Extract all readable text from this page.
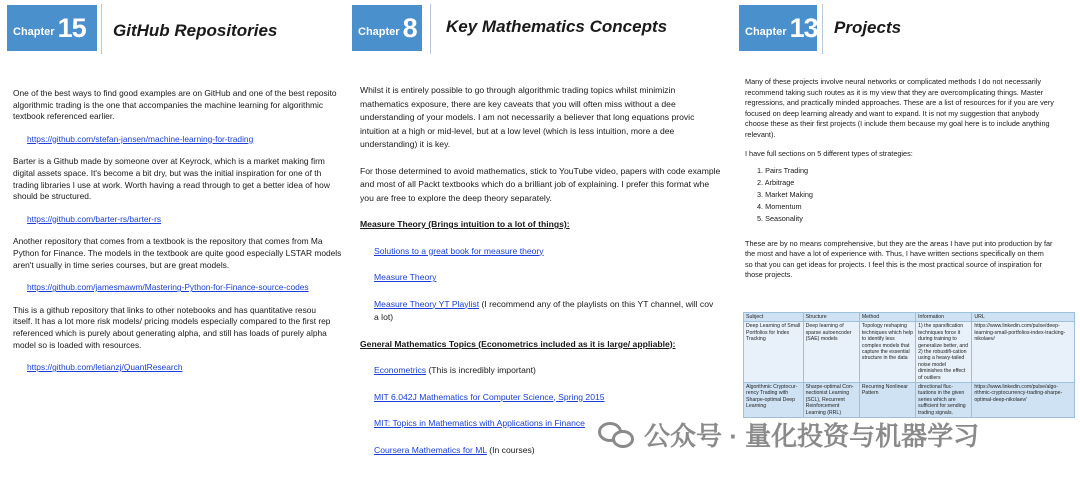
Chapter 15 GitHub Repositories

One of the best ways to find good examples are on GitHub and one of the best reposito

algorithmic trading is the one that accompanies the machine learning for algorithmic

textbook referenced earlier.

https://github.com/stefan-jansen/machine-learning-for-trading

Barter is a Github made by someone over at Keyrock, which is a market making firm

digital assets space. It's become a bit dry, but was the initial inspiration for one of th

trading libraries I use at work. Worth having a read through to get a better idea of how

should be structured.

https://github.com/barter-rs/barter-rs

Another repository that comes from a textbook is the repository that comes from Ma

Python for Finance. The models in the textbook are quite good especially LSTAR models

aren't usually in time series courses, but are great models.

https://github.com/jamesmawm/Mastering-Python-for-Finance-source-codes

This is a github repository that links to other notebooks and has quantitative resou

itself. It has a lot more risk models/ pricing models especially compared to the first rep

referenced which is purely about generating alpha, and still has loads of purely alpha

model so is loaded with resources.

https://github.com/letianzj/QuantResearch

Chapter 8 Key Mathematics Concepts

Whilst it is entirely possible to go through algorithmic trading topics whilst minimizin

mathematics exposure, there are key caveats that you will often miss without a dee

understanding of your models. I am not necessarily a believer that long equations provic

intuition at a high or mid-level, but at a low level (which is less intuition, more a dee

understanding) it is key.

For those determined to avoid mathematics, stick to YouTube video, papers with code example

and most of all Packt textbooks which do a brilliant job of explaining. I prefer this format whe

you are free to explore the deep theory separately.

Measure Theory (Brings intuition to a lot of things):

Solutions to a great book for measure theory

Measure Theory

Measure Theory YT Playlist (I recommend any of the playlists on this YT channel, will cov

a lot)

General Mathematics Topics (Econometrics included as it is large/ appliable):

Econometrics (This is incredibly important)

MIT 6.042J Mathematics for Computer Science, Spring 2015

MIT: Topics in Mathematics with Applications in Finance

Coursera Mathematics for ML (In courses)

Chapter 13 Projects

Many of these projects involve neural networks or complicated methods I do not necessarily

recommend taking such routes as it is my view that they are overcomplicating things. Master

regressions, and practically minded approaches. These are a list of resources for if you are very

focused on deep learning already and want to expand. It is not my suggestion that anybody

choose these as their first projects (I include them because my goal here is to include anything

relevant).

I have full sections on 5 different types of strategies:

1. Pairs Trading
2. Arbitrage
3. Market Making
4. Momentum
5. Seasonality

These are by no means comprehensive, but they are the areas I have put into production by far

the most and have a lot of experience with. Thus, I have written sections specifically on them

so that you can get ideas for projects. I feel this is the most practical source of inspiration for

those projects.

Subject	Structure	Method	Information	URL
Deep Learning of Small Portfolios for Index Tracking	Deep learning of sparse autoencoder (SAE) models	Topology reshaping techniques which help to identify less complex models that capture the essential structure in the data	1) the sparsification techniques force it during training to generalize better, and 2) the robustifi-cation using a heavy-tailed noise model diminishes the effect of outliers	https://www.linkedin.com/pulse/deep-learning-small-portfolios-index-tracking-nikolaev/
Algorithmic Cryptocur-rency Trading with Sharpe-optimal Deep Learning	Sharpe-optimal Con-nectionist Learning (SCL), Recurrent Reinforcement Learning (RRL)	Recurring Nonlinear Pattern	directional fluc-tuations in the given series which are sufficient for sending trading signals.	https://www.linkedin.com/pulse/algo-rithmic-cryptocurrency-trading-sharpe-optimal-deep-nikolaev/
公众号 · 量化投资与机器学习
